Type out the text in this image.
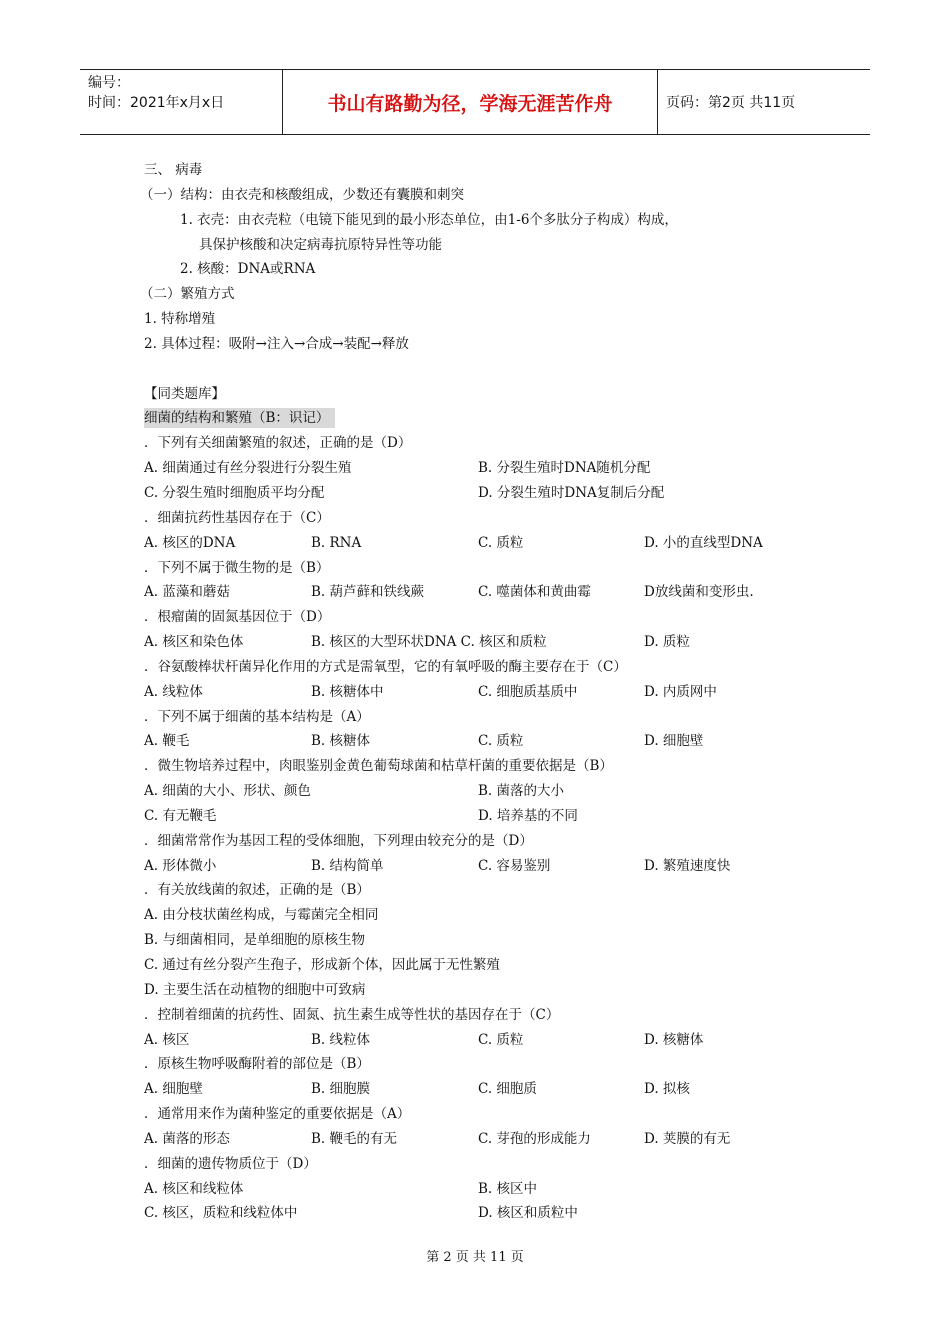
编号：
时间：2021年x月x日	书山有路勤为径，学海无涯苦作舟	页码：第2页 共11页
三、 病毒
（一）结构：由衣壳和核酸组成，少数还有囊膜和刺突
1. 衣壳：由衣壳粒（电镜下能见到的最小形态单位，由1-6个多肽分子构成）构成，
具保护核酸和决定病毒抗原特异性等功能
2. 核酸：DNA或RNA
（二）繁殖方式
1. 特称增殖
2. 具体过程：吸附→注入→合成→装配→释放
【同类题库】
细菌的结构和繁殖（B：识记）
．下列有关细菌繁殖的叙述，正确的是（D）
A. 细菌通过有丝分裂进行分裂生殖	B. 分裂生殖时DNA随机分配
C. 分裂生殖时细胞质平均分配	D. 分裂生殖时DNA复制后分配
．细菌抗药性基因存在于（C）
A. 核区的DNA	B. RNA	C. 质粒	D. 小的直线型DNA
．下列不属于微生物的是（B）
A. 蓝藻和蘑菇	B. 葫芦藓和铁线蕨	C. 噬菌体和黄曲霉	D放线菌和变形虫.
．根瘤菌的固氮基因位于（D）
A. 核区和染色体	B. 核区的大型环状DNA C. 核区和质粒	D. 质粒
．谷氨酸棒状杆菌异化作用的方式是需氧型，它的有氧呼吸的酶主要存在于（C）
A. 线粒体	B. 核糖体中	C. 细胞质基质中	D. 内质网中
．下列不属于细菌的基本结构是（A）
A. 鞭毛	B. 核糖体	C. 质粒	D. 细胞壁
．微生物培养过程中，肉眼鉴别金黄色葡萄球菌和枯草杆菌的重要依据是（B）
A. 细菌的大小、形状、颜色	B. 菌落的大小
C. 有无鞭毛	D. 培养基的不同
．细菌常常作为基因工程的受体细胞，下列理由较充分的是（D）
A. 形体微小	B. 结构简单	C. 容易鉴别	D. 繁殖速度快
．有关放线菌的叙述，正确的是（B）
A. 由分枝状菌丝构成，与霉菌完全相同
B. 与细菌相同，是单细胞的原核生物
C. 通过有丝分裂产生孢子，形成新个体，因此属于无性繁殖
D. 主要生活在动植物的细胞中可致病
．控制着细菌的抗药性、固氮、抗生素生成等性状的基因存在于（C）
A. 核区	B. 线粒体	C. 质粒	D. 核糖体
．原核生物呼吸酶附着的部位是（B）
A. 细胞壁	B. 细胞膜	C. 细胞质	D. 拟核
．通常用来作为菌种鉴定的重要依据是（A）
A. 菌落的形态	B. 鞭毛的有无	C. 芽孢的形成能力	D. 荚膜的有无
．细菌的遗传物质位于（D）
A. 核区和线粒体	B. 核区中
C. 核区，质粒和线粒体中	D. 核区和质粒中
第 2 页 共 11 页
